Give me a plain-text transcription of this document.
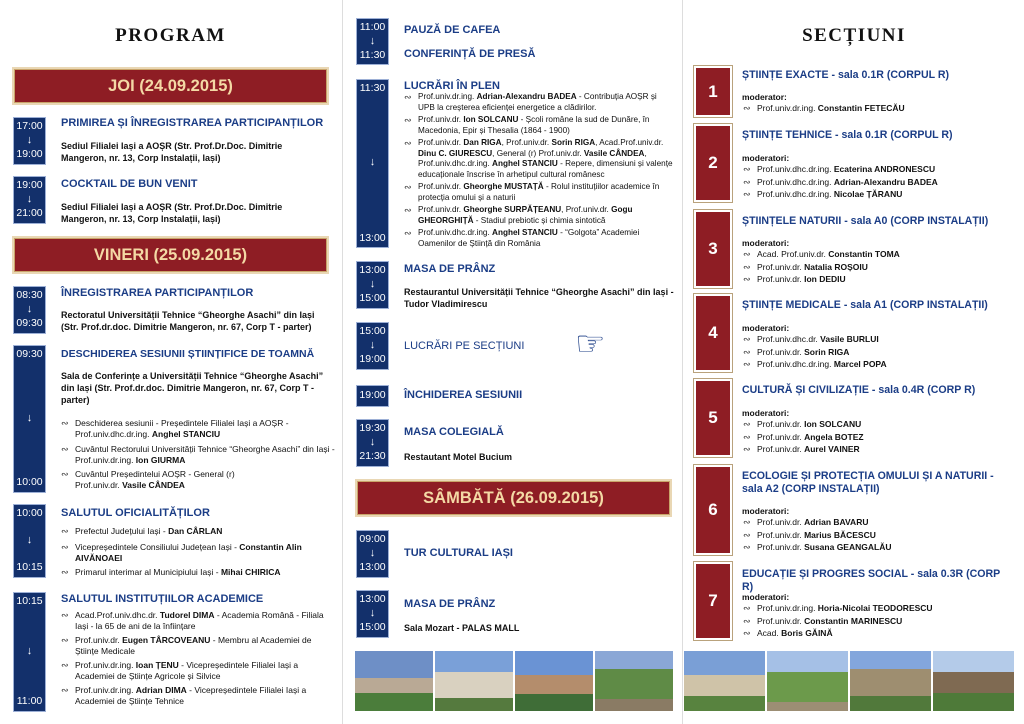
PROGRAM
JOI (24.09.2015)
17:00
↓
19:00
PRIMIREA ȘI ÎNREGISTRAREA PARTICIPANȚILOR
Sediul Filialei Iași a AOȘR (Str. Prof.Dr.Doc. Dimitrie Mangeron, nr. 13, Corp Instalații, Iași)
19:00
↓
21:00
COCKTAIL DE BUN VENIT
Sediul Filialei Iași a AOȘR (Str. Prof.Dr.Doc. Dimitrie Mangeron, nr. 13, Corp Instalații, Iași)
VINERI (25.09.2015)
08:30
↓
09:30
ÎNREGISTRAREA PARTICIPANȚILOR
Rectoratul Universității Tehnice “Gheorghe Asachi” din Iași (Str. Prof.dr.doc. Dimitrie Mangeron, nr. 67, Corp T - parter)
09:30
↓
10:00
DESCHIDEREA SESIUNII ȘTIINȚIFICE DE TOAMNĂ
Sala de Conferințe a Universității Tehnice “Gheorghe Asachi” din Iași (Str. Prof.dr.doc. Dimitrie Mangeron, nr. 67, Corp T - parter)
∾ Deschiderea sesiunii - Președintele Filialei Iași a AOȘR - Prof.univ.dhc.dr.ing. Anghel STANCIU
∾ Cuvântul Rectorului Universității Tehnice “Gheorghe Asachi” din Iași - Prof.univ.dr.ing. Ion GIURMA
∾ Cuvântul Președintelui AOȘR - General (r) Prof.univ.dr. Vasile CÂNDEA
10:00
↓
10:15
SALUTUL OFICIALITĂȚILOR
∾ Prefectul Județului Iași - Dan CÂRLAN
∾ Vicepreședintele Consiliului Județean Iași - Constantin Alin AIVĂNOAEI
∾ Primarul interimar al Municipiului Iași - Mihai CHIRICA
10:15
↓
11:00
SALUTUL INSTITUȚIILOR ACADEMICE
∾ Acad.Prof.univ.dhc.dr. Tudorel DIMA - Academia Română - Filiala Iași - la 65 de ani de la înființare
∾ Prof.univ.dr. Eugen TÂRCOVEANU - Membru al Academiei de Științe Medicale
∾ Prof.univ.dr.ing. Ioan ȚENU - Vicepreședintele Filialei Iași a Academiei de Științe Agricole și Silvice
∾ Prof.univ.dr.ing. Adrian DIMA - Vicepreședintele Filialei Iași a Academiei de Științe Tehnice
11:00
↓
11:30
PAUZĂ DE CAFEA
CONFERINȚĂ DE PRESĂ
11:30
↓
13:00
LUCRĂRI ÎN PLEN
∾ Prof.univ.dr.ing. Adrian-Alexandru BADEA - Contribuția AOȘR și UPB la creșterea eficienței energetice a clădirilor.
∾ Prof.univ.dr. Ion SOLCANU - Școli române la sud de Dunăre, în Macedonia, Epir și Thesalia (1864 - 1900)
∾ Prof.univ.dr. Dan RIGA, Prof.univ.dr. Sorin RIGA, Acad.Prof.univ.dr. Dinu C. GIURESCU, General (r) Prof.univ.dr. Vasile CÂNDEA, Prof.univ.dhc.dr.ing. Anghel STANCIU - Repere, dimensiuni și valențe educaționale înscrise în arhetipul cultural românesc
∾ Prof.univ.dr. Gheorghe MUSTAȚĂ - Rolul instituțiilor academice în protecția omului și a naturii
∾ Prof.univ.dr. Gheorghe SURPĂȚEANU, Prof.univ.dr. Gogu GHEORGHIȚĂ - Stadiul prebiotic și chimia sintotică
∾ Prof.univ.dhc.dr.ing. Anghel STANCIU - “Golgota” Academiei Oamenilor de Știință din România
13:00
↓
15:00
MASA DE PRÂNZ
Restaurantul Universității Tehnice “Gheorghe Asachi” din Iași - Tudor Vladimirescu
15:00
↓
19:00
LUCRĂRI PE SECȚIUNI	☞
19:00 ÎNCHIDEREA SESIUNII
19:30
↓
21:30
MASA COLEGIALĂ
Restautant Motel Bucium
SÂMBĂTĂ (26.09.2015)
09:00
↓
13:00
TUR CULTURAL IAȘI
13:00
↓
15:00
MASA DE PRÂNZ
Sala Mozart - PALAS MALL
SECȚIUNI
1
ȘTIINȚE EXACTE - sala 0.1R (CORPUL R)
moderator:
∾ Prof.univ.dr.ing. Constantin FETECĂU
2
ȘTIINȚE TEHNICE - sala 0.1R (CORPUL R)
moderatori:
∾ Prof.univ.dhc.dr.ing. Ecaterina ANDRONESCU
∾ Prof.univ.dhc.dr.ing. Adrian-Alexandru BADEA
∾ Prof.univ.dhc.dr.ing. Nicolae ȚĂRANU
3
ȘTIINȚELE NATURII - sala A0 (CORP INSTALAȚII)
moderatori:
∾ Acad. Prof.univ.dr. Constantin TOMA
∾ Prof.univ.dr. Natalia ROȘOIU
∾ Prof.univ.dr. Ion DEDIU
4
ȘTIINȚE MEDICALE - sala A1 (CORP INSTALAȚII)
moderatori:
∾ Prof.univ.dhc.dr. Vasile BURLUI
∾ Prof.univ.dr. Sorin RIGA
∾ Prof.univ.dhc.dr.ing. Marcel POPA
5
CULTURĂ ȘI CIVILIZAȚIE - sala 0.4R (CORP R)
moderatori:
∾ Prof.univ.dr. Ion SOLCANU
∾ Prof.univ.dr. Angela BOTEZ
∾ Prof.univ.dr. Aurel VAINER
6
ECOLOGIE ȘI PROTECȚIA OMULUI ȘI A NATURII - sala A2 (CORP INSTALAȚII)
moderatori:
∾ Prof.univ.dr. Adrian BAVARU
∾ Prof.univ.dr. Marius BĂCESCU
∾ Prof.univ.dr. Susana GEANGALĂU
7
EDUCAȚIE ȘI PROGRES SOCIAL - sala 0.3R (CORP R)
moderatori:
∾ Prof.univ.dr.ing. Horia-Nicolai TEODORESCU
∾ Prof.univ.dr. Constantin MARINESCU
∾ Acad. Boris GĂINĂ
